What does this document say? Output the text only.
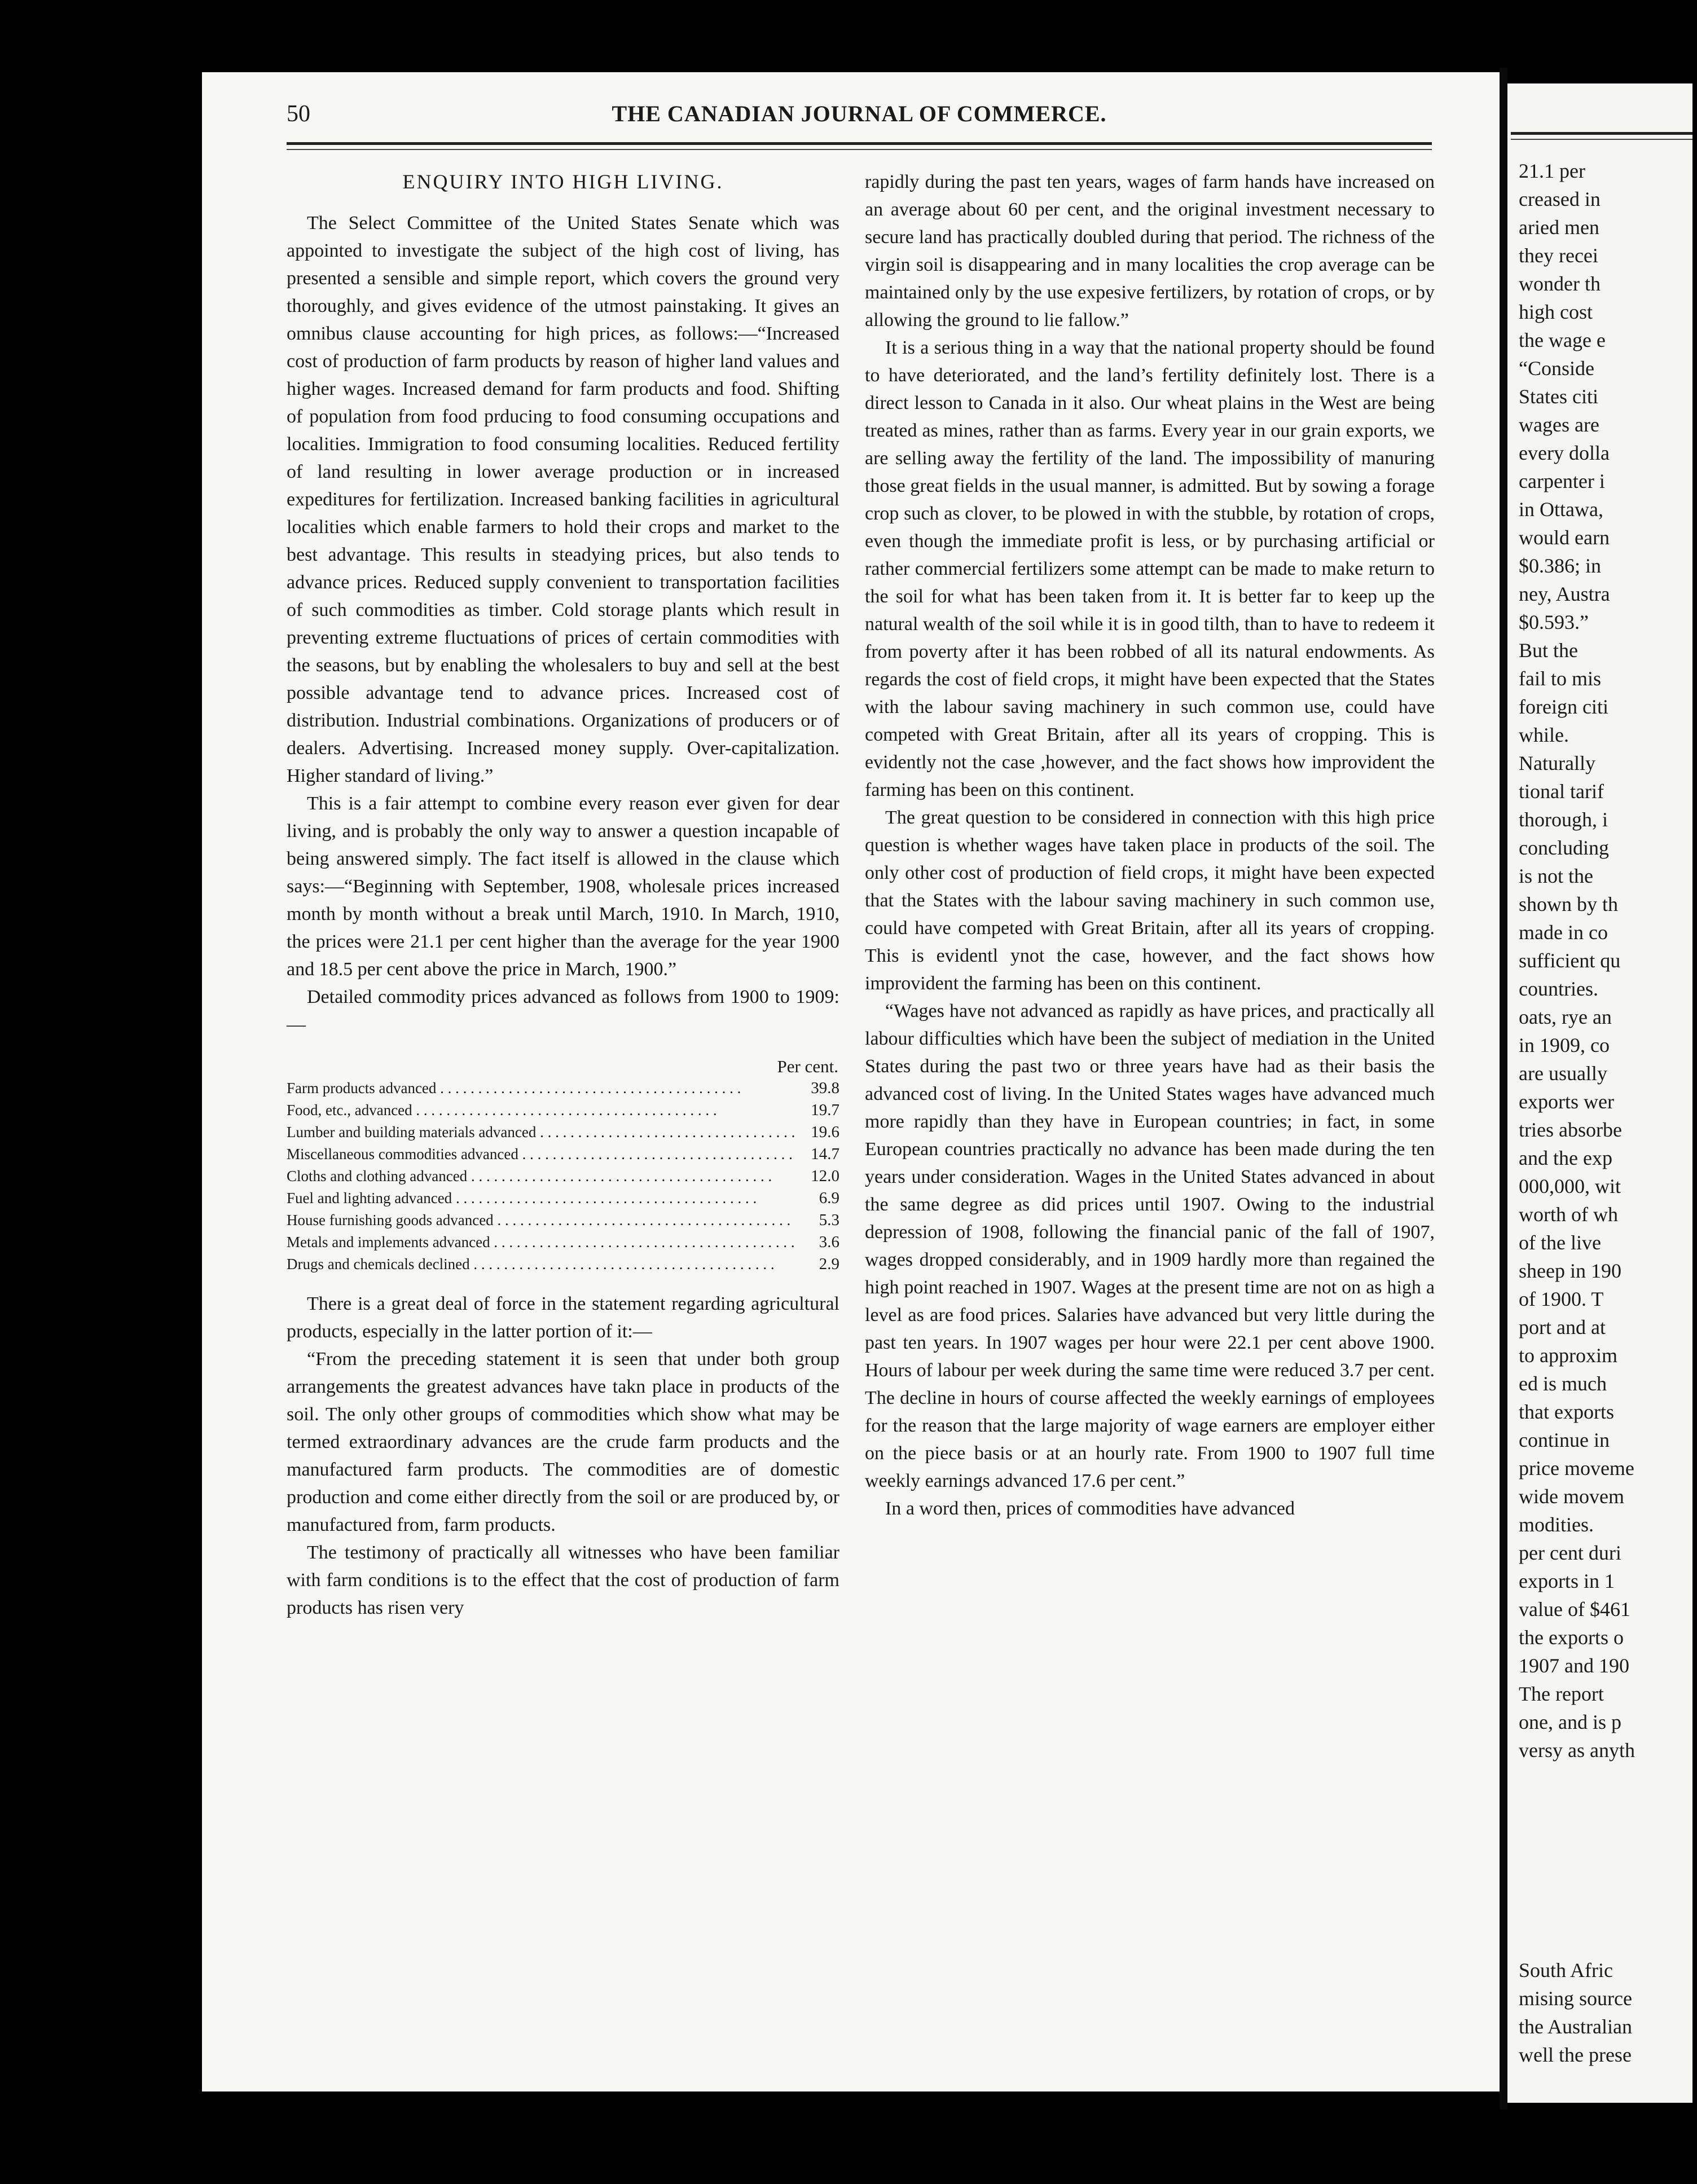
50	THE CANADIAN JOURNAL OF COMMERCE.
ENQUIRY INTO HIGH LIVING.

The Select Committee of the United States Senate which was appointed to investigate the subject of the high cost of living, has presented a sensible and simple report, which covers the ground very thoroughly, and gives evidence of the utmost painstaking. It gives an omnibus clause accounting for high prices, as follows:—“Increased cost of production of farm products by reason of higher land values and higher wages. Increased demand for farm products and food. Shifting of population from food prducing to food consuming occupations and localities. Immigration to food consuming localities. Reduced fertility of land resulting in lower average production or in increased expeditures for fertilization. Increased banking facilities in agricultural localities which enable farmers to hold their crops and market to the best advantage. This results in steadying prices, but also tends to advance prices. Reduced supply convenient to transportation facilities of such commodities as timber. Cold storage plants which result in preventing extreme fluctuations of prices of certain commodities with the seasons, but by enabling the wholesalers to buy and sell at the best possible advantage tend to advance prices. Increased cost of distribution. Industrial combinations. Organizations of producers or of dealers. Advertising. Increased money supply. Over-capitalization. Higher standard of living.”

This is a fair attempt to combine every reason ever given for dear living, and is probably the only way to answer a question incapable of being answered simply. The fact itself is allowed in the clause which says:—“Beginning with September, 1908, wholesale prices increased month by month without a break until March, 1910. In March, 1910, the prices were 21.1 per cent higher than the average for the year 1900 and 18.5 per cent above the price in March, 1900.”

Detailed commodity prices advanced as follows from 1900 to 1909:—

Per cent.
Farm products advanced . . .	39.8
Food, etc., advanced . . .	19.7
Lumber and building materials advanced . . .	19.6
Miscellaneous commodities advanced . . .	14.7
Cloths and clothing advanced . . .	12.0
Fuel and lighting advanced . . .	6.9
House furnishing goods advanced . . .	5.3
Metals and implements advanced . . .	3.6
Drugs and chemicals declined . . .	2.9

There is a great deal of force in the statement regarding agricultural products, especially in the latter portion of it:—

“From the preceding statement it is seen that under both group arrangements the greatest advances have takn place in products of the soil. The only other groups of commodities which show what may be termed extraordinary advances are the crude farm products and the manufactured farm products. The commodities are of domestic production and come either directly from the soil or are produced by, or manufactured from, farm products.

The testimony of practically all witnesses who have been familiar with farm conditions is to the effect that the cost of production of farm products has risen very

rapidly during the past ten years, wages of farm hands have increased on an average about 60 per cent, and the original investment necessary to secure land has practically doubled during that period. The richness of the virgin soil is disappearing and in many localities the crop average can be maintained only by the use expesive fertilizers, by rotation of crops, or by allowing the ground to lie fallow.”

It is a serious thing in a way that the national property should be found to have deteriorated, and the land’s fertility definitely lost. There is a direct lesson to Canada in it also. Our wheat plains in the West are being treated as mines, rather than as farms. Every year in our grain exports, we are selling away the fertility of the land. The impossibility of manuring those great fields in the usual manner, is admitted. But by sowing a forage crop such as clover, to be plowed in with the stubble, by rotation of crops, even though the immediate profit is less, or by purchasing artificial or rather commercial fertilizers some attempt can be made to make return to the soil for what has been taken from it. It is better far to keep up the natural wealth of the soil while it is in good tilth, than to have to redeem it from poverty after it has been robbed of all its natural endowments. As regards the cost of field crops, it might have been expected that the States with the labour saving machinery in such common use, could have competed with Great Britain, after all its years of cropping. This is evidently not the case ,however, and the fact shows how improvident the farming has been on this continent.

The great question to be considered in connection with this high price question is whether wages have taken place in products of the soil. The only other cost of production of field crops, it might have been expected that the States with the labour saving machinery in such common use, could have competed with Great Britain, after all its years of cropping. This is evidentl ynot the case, however, and the fact shows how improvident the farming has been on this continent.

“Wages have not advanced as rapidly as have prices, and practically all labour difficulties which have been the subject of mediation in the United States during the past two or three years have had as their basis the advanced cost of living. In the United States wages have advanced much more rapidly than they have in European countries; in fact, in some European countries practically no advance has been made during the ten years under consideration. Wages in the United States advanced in about the same degree as did prices until 1907. Owing to the industrial depression of 1908, following the financial panic of the fall of 1907, wages dropped considerably, and in 1909 hardly more than regained the high point reached in 1907. Wages at the present time are not on as high a level as are food prices. Salaries have advanced but very little during the past ten years. In 1907 wages per hour were 22.1 per cent above 1900. Hours of labour per week during the same time were reduced 3.7 per cent. The decline in hours of course affected the weekly earnings of employees for the reason that the large majority of wage earners are employer either on the piece basis or at an hourly rate. From 1900 to 1907 full time weekly earnings advanced 17.6 per cent.”

In a word then, prices of commodities have advanced

21.1 per
creased in
aried men
they recei
wonder th
high cost
the wage e
“Conside
States citi
wages are
every dolla
carpenter i
in Ottawa,
would earn
$0.386; in
ney, Austra
$0.593.”
But the
fail to mis
foreign citi
while.
Naturally
tional tarif
thorough, i
concluding
is not the
shown by th
made in co
sufficient qu
countries.
oats, rye an
in 1909, co
are usually
exports wer
tries absorbe
and the exp
000,000, wit
worth of wh
of the live
sheep in 190
of 1900. T
port and at
to approxim
ed is much
that exports
continue in
price moveme
wide movem
modities.
per cent duri
exports in 1
value of $461
the exports o
1907 and 190
The report
one, and is p
versy as anyth
South Afric
mising source
the Australian
well the prese
